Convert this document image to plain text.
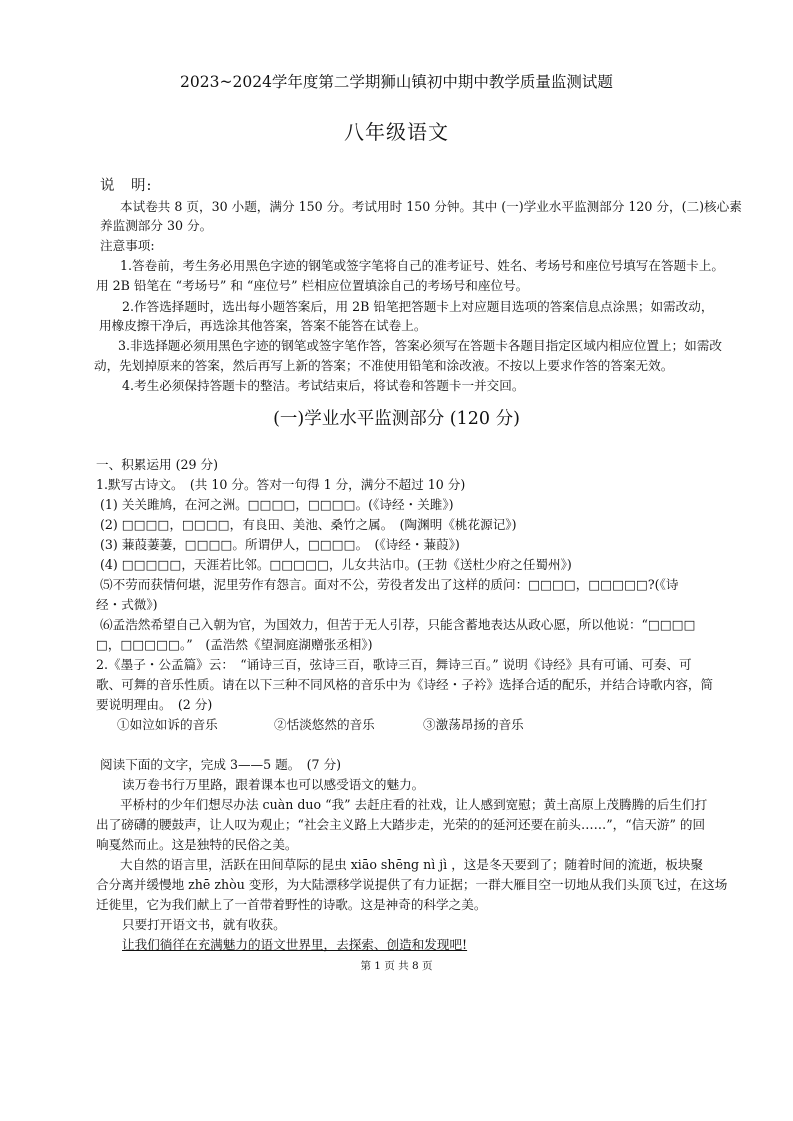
2023~2024学年度第二学期狮山镇初中期中教学质量监测试题
八年级语文
说　明:
本试卷共 8 页，30 小题，满分 150 分。考试用时 150 分钟。其中 (一)学业水平监测部分 120 分，(二)核心素
养监测部分 30 分。
注意事项:
1.答卷前，考生务必用黑色字迹的钢笔或签字笔将自己的准考证号、姓名、考场号和座位号填写在答题卡上。
用 2B 铅笔在 “考场号” 和 “座位号” 栏相应位置填涂自己的考场号和座位号。
2.作答选择题时，选出每小题答案后，用 2B 铅笔把答题卡上对应题目选项的答案信息点涂黑；如需改动，
用橡皮擦干净后，再选涂其他答案，答案不能答在试卷上。
3.非选择题必须用黑色字迹的钢笔或签字笔作答，答案必须写在答题卡各题目指定区域内相应位置上；如需改
动，先划掉原来的答案，然后再写上新的答案；不准使用铅笔和涂改液。不按以上要求作答的答案无效。
4.考生必须保持答题卡的整洁。考试结束后，将试卷和答题卡一并交回。
(一)学业水平监测部分 (120 分)
一、积累运用 (29 分)
1.默写古诗文。　(共 10 分。答对一句得 1 分，满分不超过 10 分)
(1) 关关雎鸠，在河之洲。□□□□，□□□□。(《诗经・关雎》)
(2) □□□□，□□□□，有良田、美池、桑竹之属。　(陶渊明《桃花源记》)
(3) 蒹葭萋萋，□□□□。所谓伊人，□□□□。　(《诗经・蒹葭》)
(4) □□□□□，天涯若比邻。□□□□□，儿女共沾巾。(王勃《送杜少府之任蜀州》)
⑸不劳而获情何堪，泥里劳作有怨言。面对不公，劳役者发出了这样的质问：□□□□，□□□□□?(《诗
经・式微》)
⑹孟浩然希望自己入朝为官，为国效力，但苦于无人引荐，只能含蓄地表达从政心愿，所以他说：“□□□□
□，□□□□□。”　(孟浩然《望洞庭湖赠张丞相》)
2.《墨子・公孟篇》云：　“诵诗三百，弦诗三百，歌诗三百，舞诗三百。” 说明《诗经》具有可诵、可奏、可
歌、可舞的音乐性质。请在以下三种不同风格的音乐中为《诗经・子衿》选择合适的配乐，并结合诗歌内容，简
要说明理由。　(2 分)
①如泣如诉的音乐	②恬淡悠然的音乐	③激荡昂扬的音乐
阅读下面的文字，完成 3——5 题。　(7 分)
读万卷书行万里路，跟着课本也可以感受语文的魅力。
平桥村的少年们想尽办法 cuàn duo “我” 去赶庄看的社戏，让人感到宽慰；黄土高原上茂腾腾的后生们打
出了磅礴的腰鼓声，让人叹为观止；“社会主义路上大踏步走，光荣的的延河还要在前头……”，“信天游” 的回
响戛然而止。这是独特的民俗之美。
大自然的语言里，活跃在田间草际的昆虫 xiāo shēng nì jì ，这是冬天要到了；随着时间的流逝，板块聚
合分离并缓慢地 zhē zhòu 变形，为大陆漂移学说提供了有力证据；一群大雁目空一切地从我们头顶飞过，在这场
迁徙里，它为我们献上了一首带着野性的诗歌。这是神奇的科学之美。
只要打开语文书，就有收获。
让我们徜徉在充满魅力的语文世界里，去探索、创造和发现吧!
第 1 页 共 8 页
